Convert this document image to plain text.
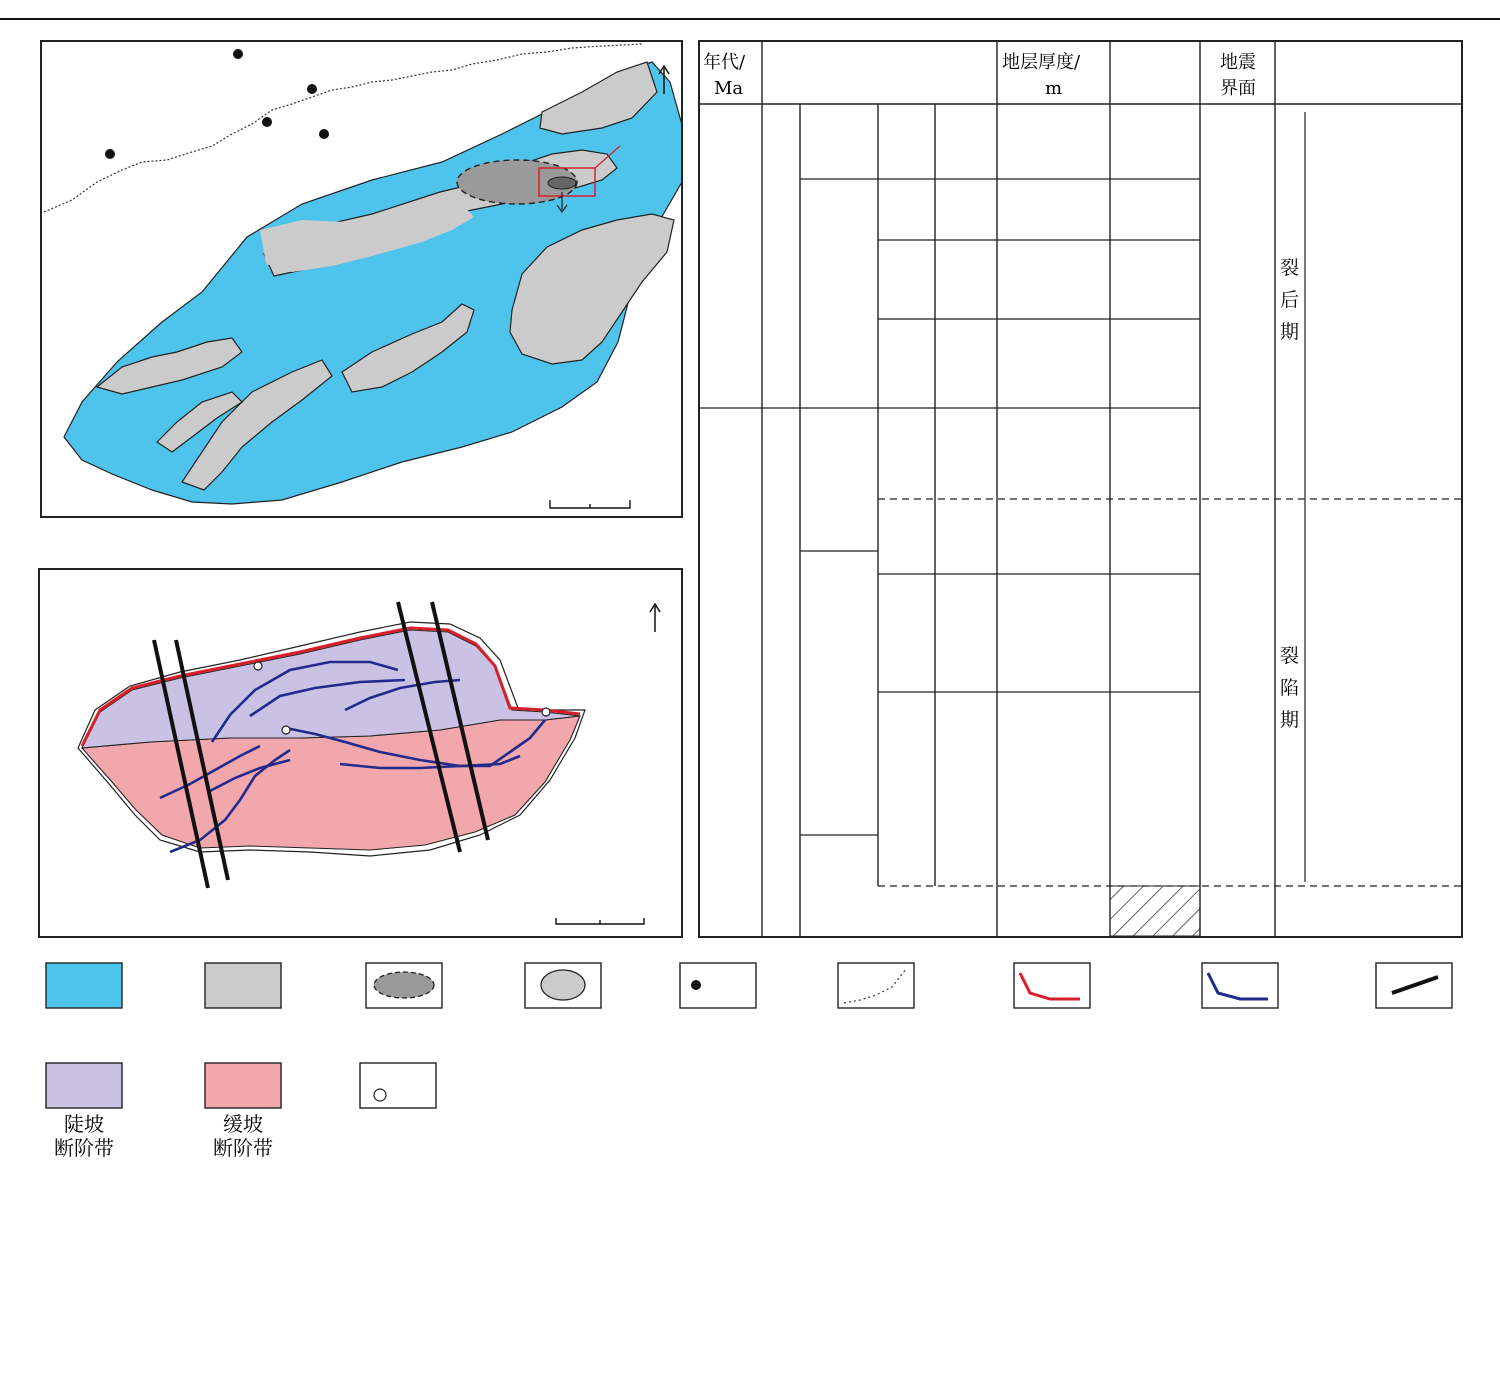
年代/
Ma
地层厚度/
m
地震
界面
裂
后
期
裂
陷
期
陡坡
断阶带
缓坡
断阶带
